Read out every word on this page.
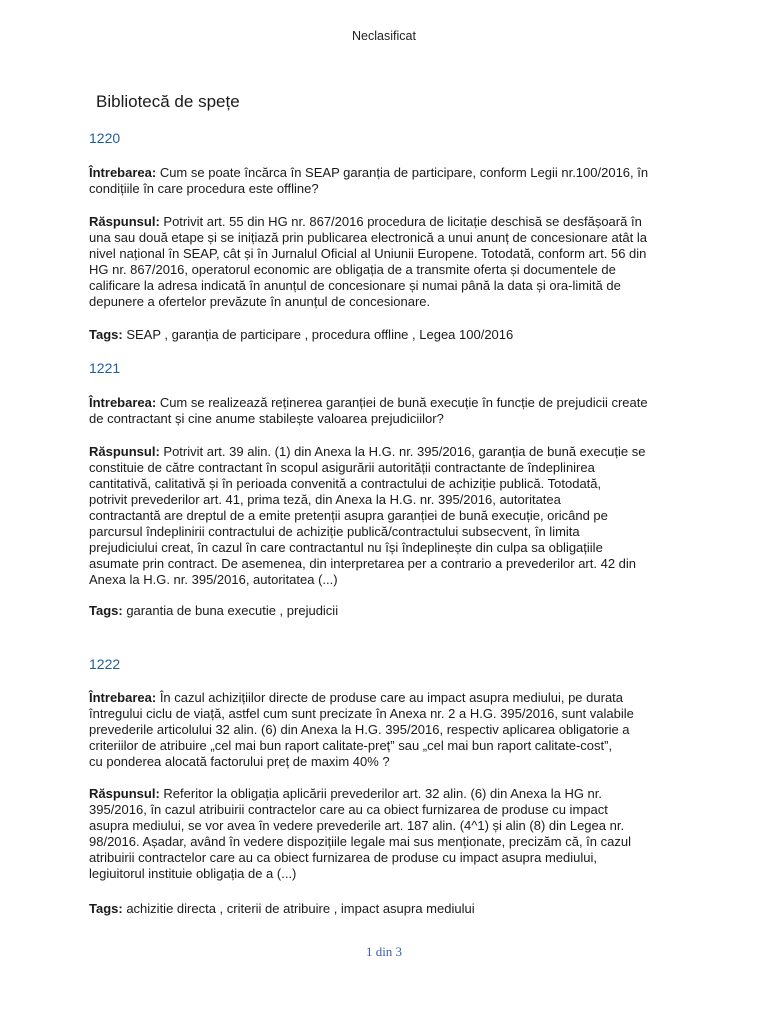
Neclasificat
Bibliotecă de spețe
1220
Întrebarea: Cum se poate încărca în SEAP garanția de participare, conform Legii nr.100/2016, în
condițiile în care procedura este offline?
Răspunsul: Potrivit art. 55 din HG nr. 867/2016 procedura de licitație deschisă se desfășoară în
una sau două etape și se inițiază prin publicarea electronică a unui anunț de concesionare atât la
nivel național în SEAP, cât și în Jurnalul Oficial al Uniunii Europene. Totodată, conform art. 56 din
HG nr. 867/2016, operatorul economic are obligația de a transmite oferta și documentele de
calificare la adresa indicată în anunțul de concesionare și numai până la data și ora-limită de
depunere a ofertelor prevăzute în anunțul de concesionare.
Tags: SEAP , garanția de participare , procedura offline , Legea 100/2016
1221
Întrebarea: Cum se realizează reținerea garanției de bună execuție în funcție de prejudicii create
de contractant și cine anume stabilește valoarea prejudiciilor?
Răspunsul: Potrivit art. 39 alin. (1) din Anexa la H.G. nr. 395/2016, garanția de bună execuție se
constituie de către contractant în scopul asigurării autorității contractante de îndeplinirea
cantitativă, calitativă și în perioada convenită a contractului de achiziție publică. Totodată,
potrivit prevederilor art. 41, prima teză, din Anexa la H.G. nr. 395/2016, autoritatea
contractantă are dreptul de a emite pretenții asupra garanției de bună execuție, oricând pe
parcursul îndeplinirii contractului de achiziție publică/contractului subsecvent, în limita
prejudiciului creat, în cazul în care contractantul nu își îndeplinește din culpa sa obligațiile
asumate prin contract. De asemenea, din interpretarea per a contrario a prevederilor art. 42 din
Anexa la H.G. nr. 395/2016, autoritatea (...)
Tags: garantia de buna executie , prejudicii
1222
Întrebarea: În cazul achizițiilor directe de produse care au impact asupra mediului, pe durata
întregului ciclu de viață, astfel cum sunt precizate în Anexa nr. 2 a H.G. 395/2016, sunt valabile
prevederile articolului 32 alin. (6) din Anexa la H.G. 395/2016, respectiv aplicarea obligatorie a
criteriilor de atribuire „cel mai bun raport calitate-preț” sau „cel mai bun raport calitate-cost”,
cu ponderea alocată factorului preț de maxim 40% ?
Răspunsul: Referitor la obligația aplicării prevederilor art. 32 alin. (6) din Anexa la HG nr.
395/2016, în cazul atribuirii contractelor care au ca obiect furnizarea de produse cu impact
asupra mediului, se vor avea în vedere prevederile art. 187 alin. (4^1) și alin (8) din Legea nr.
98/2016. Așadar, având în vedere dispozițiile legale mai sus menționate, precizăm că, în cazul
atribuirii contractelor care au ca obiect furnizarea de produse cu impact asupra mediului,
legiuitorul instituie obligația de a (...)
Tags: achizitie directa , criterii de atribuire , impact asupra mediului
1 din 3
